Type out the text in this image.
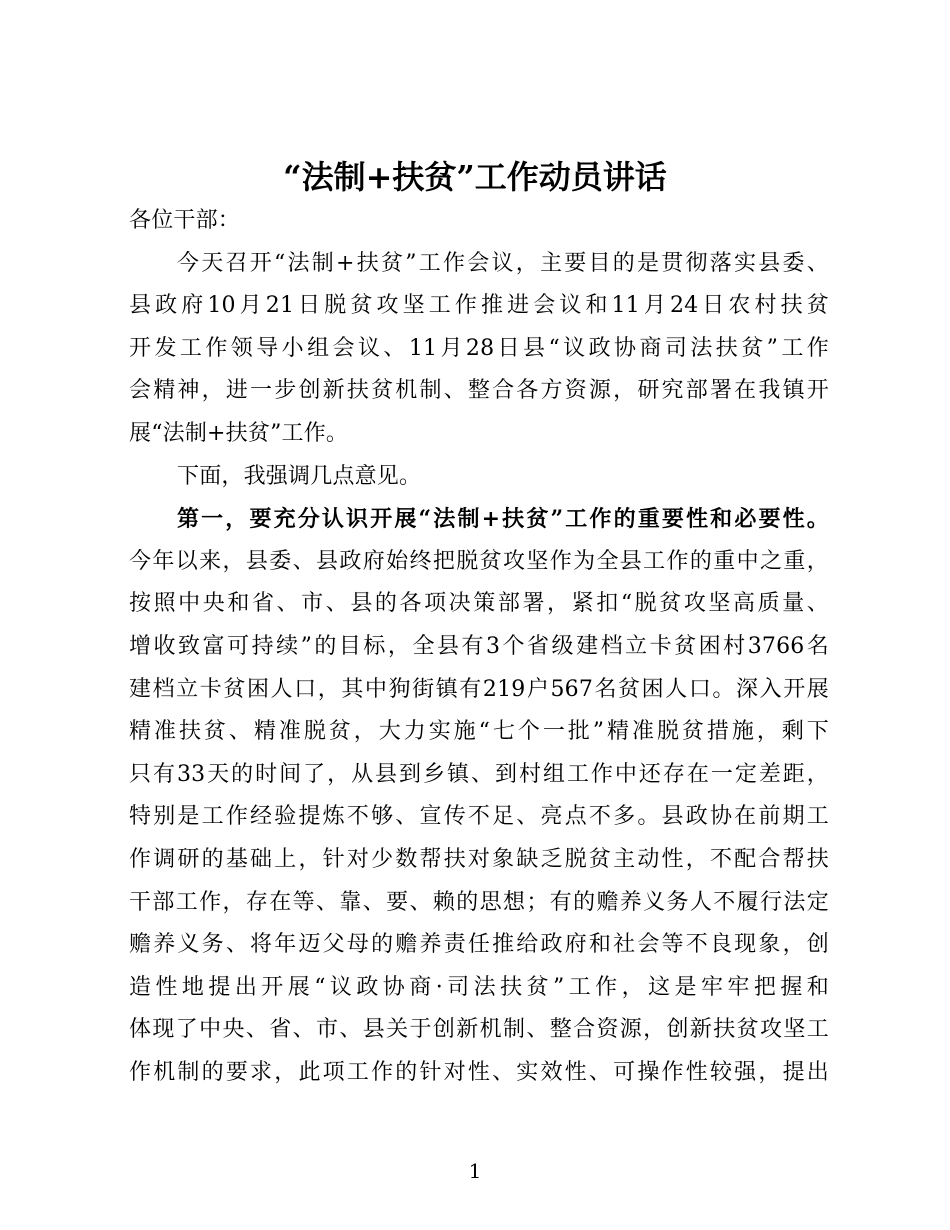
“法制+扶贫”工作动员讲话
各位干部：
今天召开“法制+扶贫”工作会议，主要目的是贯彻落实县委、
县政府10月21日脱贫攻坚工作推进会议和11月24日农村扶贫
开发工作领导小组会议、11月28日县“议政协商司法扶贫”工作
会精神，进一步创新扶贫机制、整合各方资源，研究部署在我镇开
展“法制+扶贫”工作。
下面，我强调几点意见。
第一，要充分认识开展“法制+扶贫”工作的重要性和必要性。
今年以来，县委、县政府始终把脱贫攻坚作为全县工作的重中之重，
按照中央和省、市、县的各项决策部署，紧扣“脱贫攻坚高质量、
增收致富可持续”的目标，全县有3个省级建档立卡贫困村3766名
建档立卡贫困人口，其中狗街镇有219户567名贫困人口。深入开展
精准扶贫、精准脱贫，大力实施“七个一批”精准脱贫措施，剩下
只有33天的时间了，从县到乡镇、到村组工作中还存在一定差距，
特别是工作经验提炼不够、宣传不足、亮点不多。县政协在前期工
作调研的基础上，针对少数帮扶对象缺乏脱贫主动性，不配合帮扶
干部工作，存在等、靠、要、赖的思想；有的赡养义务人不履行法定
赡养义务、将年迈父母的赡养责任推给政府和社会等不良现象，创
造性地提出开展“议政协商·司法扶贫”工作，这是牢牢把握和
体现了中央、省、市、县关于创新机制、整合资源，创新扶贫攻坚工
作机制的要求，此项工作的针对性、实效性、可操作性较强，提出
1
